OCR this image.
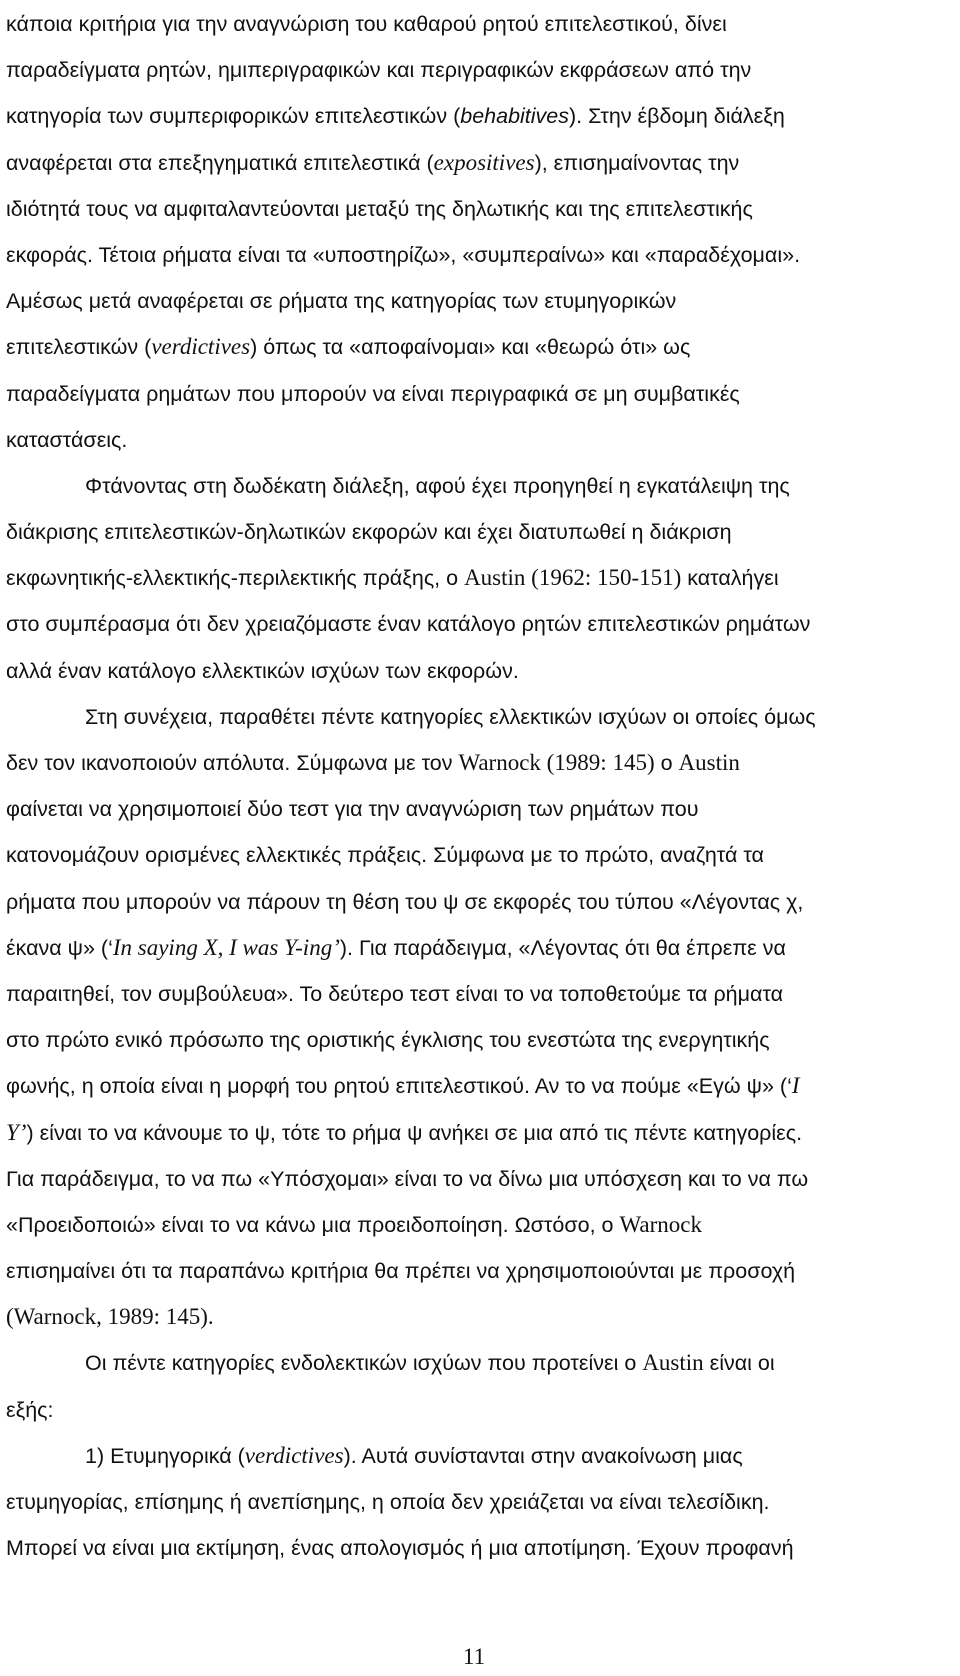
κάποια κριτήρια για την αναγνώριση του καθαρού ρητού επιτελεστικού, δίνει
παραδείγματα ρητών, ημιπεριγραφικών και περιγραφικών εκφράσεων από την
κατηγορία των συμπεριφορικών επιτελεστικών (behabitives). Στην έβδομη διάλεξη
αναφέρεται στα επεξηγηματικά επιτελεστικά (expositives), επισημαίνοντας την
ιδιότητά τους να αμφιταλαντεύονται μεταξύ της δηλωτικής και της επιτελεστικής
εκφοράς. Τέτοια ρήματα είναι τα «υποστηρίζω», «συμπεραίνω» και «παραδέχομαι».
Αμέσως μετά αναφέρεται σε ρήματα της κατηγορίας των ετυμηγορικών
επιτελεστικών (verdictives) όπως τα «αποφαίνομαι» και «θεωρώ ότι» ως
παραδείγματα ρημάτων που μπορούν να είναι περιγραφικά σε μη συμβατικές
καταστάσεις.
Φτάνοντας στη δωδέκατη διάλεξη, αφού έχει προηγηθεί η εγκατάλειψη της
διάκρισης επιτελεστικών-δηλωτικών εκφορών και έχει διατυπωθεί η διάκριση
εκφωνητικής-ελλεκτικής-περιλεκτικής πράξης, ο Austin (1962: 150-151) καταλήγει
στο συμπέρασμα ότι δεν χρειαζόμαστε έναν κατάλογο ρητών επιτελεστικών ρημάτων
αλλά έναν κατάλογο ελλεκτικών ισχύων των εκφορών.
Στη συνέχεια, παραθέτει πέντε κατηγορίες ελλεκτικών ισχύων οι οποίες όμως
δεν τον ικανοποιούν απόλυτα. Σύμφωνα με τον Warnock (1989: 145) ο Austin
φαίνεται να χρησιμοποιεί δύο τεστ για την αναγνώριση των ρημάτων που
κατονομάζουν ορισμένες ελλεκτικές πράξεις. Σύμφωνα με το πρώτο, αναζητά τα
ρήματα που μπορούν να πάρουν τη θέση του ψ σε εκφορές του τύπου «Λέγοντας χ,
έκανα ψ» (‘In saying X, I was Y-ing’). Για παράδειγμα, «Λέγοντας ότι θα έπρεπε να
παραιτηθεί, τον συμβούλευα». Το δεύτερο τεστ είναι το να τοποθετούμε τα ρήματα
στο πρώτο ενικό πρόσωπο της οριστικής έγκλισης του ενεστώτα της ενεργητικής
φωνής, η οποία είναι η μορφή του ρητού επιτελεστικού. Αν το να πούμε «Εγώ ψ» (‘I
Y’) είναι το να κάνουμε το ψ, τότε το ρήμα ψ ανήκει σε μια από τις πέντε κατηγορίες.
Για παράδειγμα, το να πω «Υπόσχομαι» είναι το να δίνω μια υπόσχεση και το να πω
«Προειδοποιώ» είναι το να κάνω μια προειδοποίηση. Ωστόσο, ο Warnock
επισημαίνει ότι τα παραπάνω κριτήρια θα πρέπει να χρησιμοποιούνται με προσοχή
(Warnock, 1989: 145).
Οι πέντε κατηγορίες ενδολεκτικών ισχύων που προτείνει ο Austin είναι οι
εξής:
1) Ετυμηγορικά (verdictives). Αυτά συνίστανται στην ανακοίνωση μιας
ετυμηγορίας, επίσημης ή ανεπίσημης, η οποία δεν χρειάζεται να είναι τελεσίδικη.
Μπορεί να είναι μια εκτίμηση, ένας απολογισμός ή μια αποτίμηση. Έχουν προφανή
11
